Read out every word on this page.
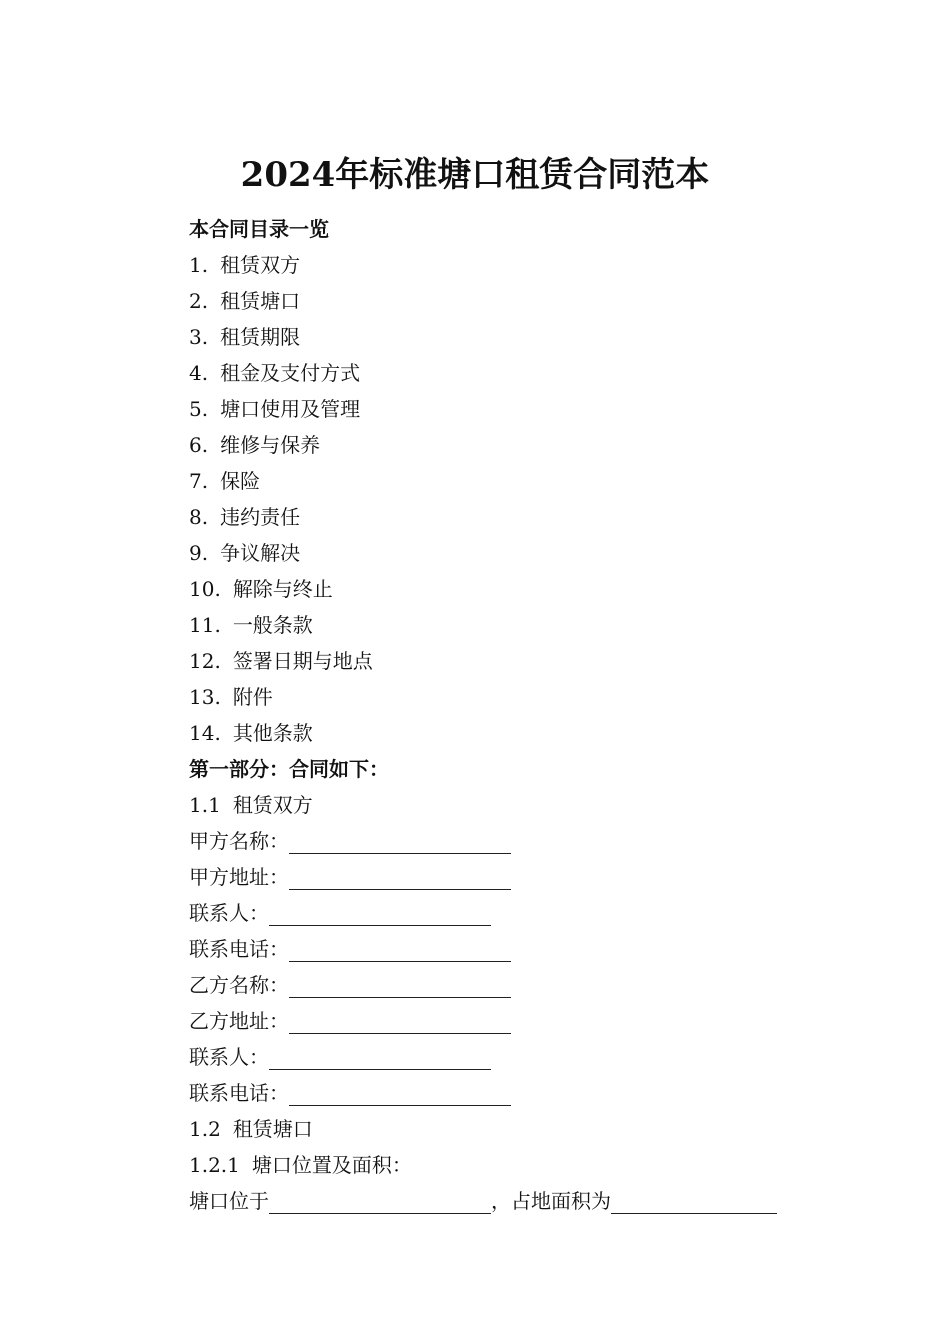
2024年标准塘口租赁合同范本
本合同目录一览
1. 租赁双方
2. 租赁塘口
3. 租赁期限
4. 租金及支付方式
5. 塘口使用及管理
6. 维修与保养
7. 保险
8. 违约责任
9. 争议解决
10. 解除与终止
11. 一般条款
12. 签署日期与地点
13. 附件
14. 其他条款
第一部分：合同如下：
1.1 租赁双方
甲方名称：
甲方地址：
联系人：
联系电话：
乙方名称：
乙方地址：
联系人：
联系电话：
1.2 租赁塘口
1.2.1 塘口位置及面积：
塘口位于	，占地面积为
